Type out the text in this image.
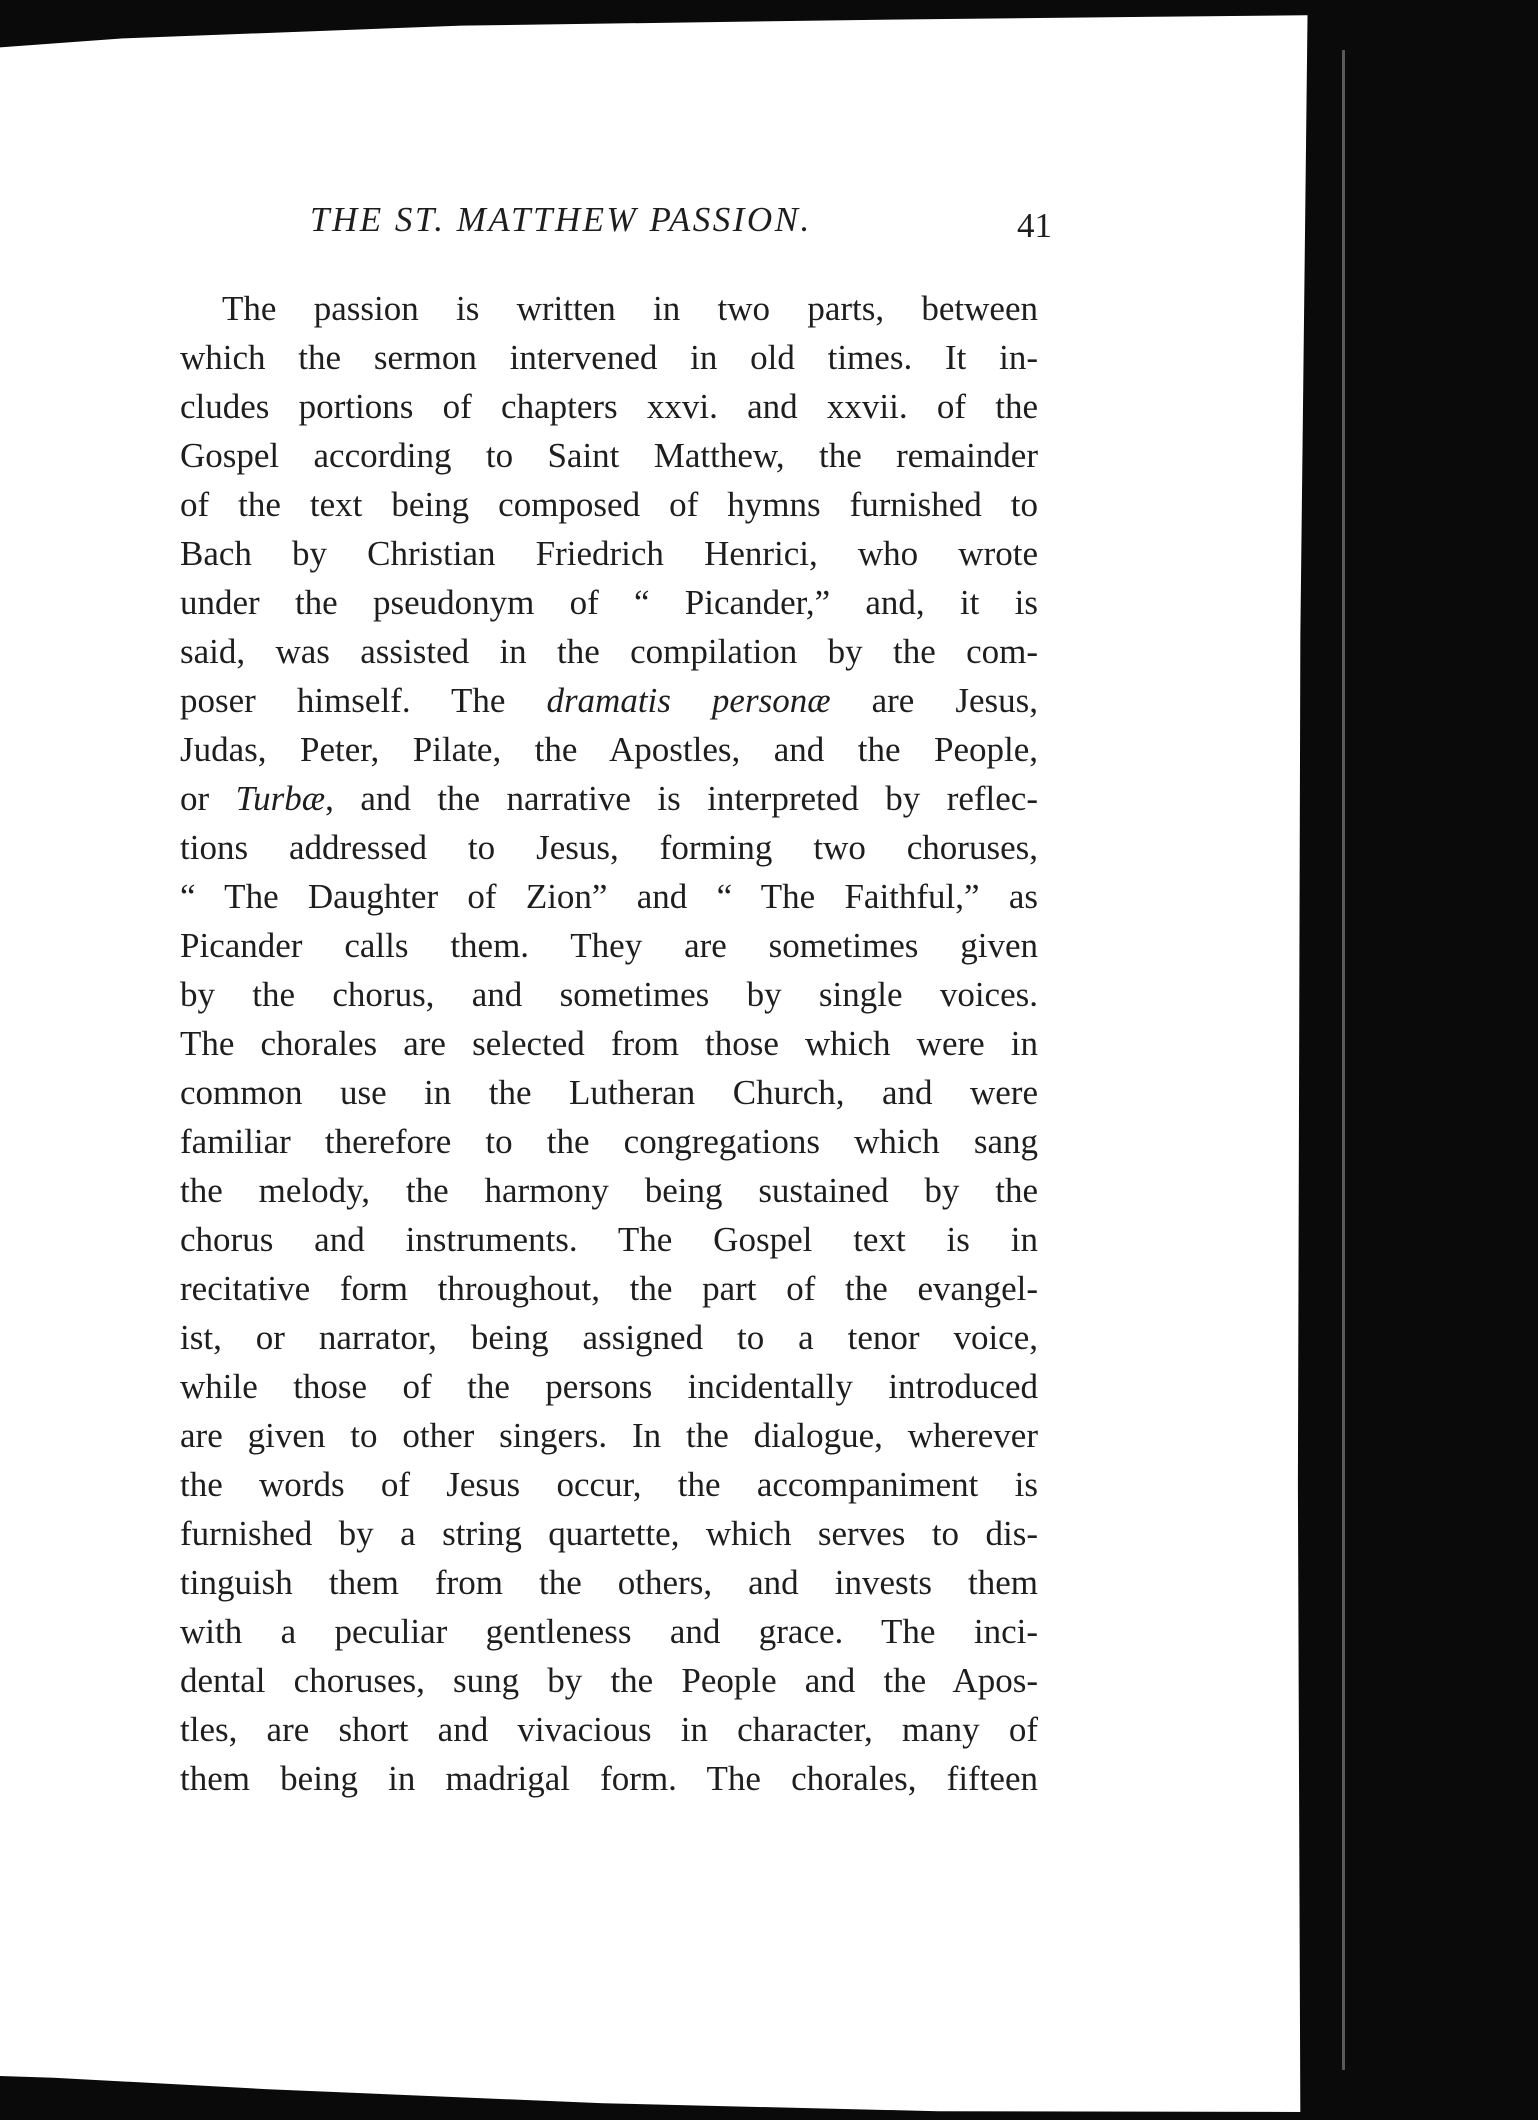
THE ST. MATTHEW PASSION.	41
The passion is written in two parts, between
which the sermon intervened in old times. It in-
cludes portions of chapters xxvi. and xxvii. of the
Gospel according to Saint Matthew, the remainder
of the text being composed of hymns furnished to
Bach by Christian Friedrich Henrici, who wrote
under the pseudonym of “ Picander,” and, it is
said, was assisted in the compilation by the com-
poser himself. The dramatis personæ are Jesus,
Judas, Peter, Pilate, the Apostles, and the People,
or Turbæ, and the narrative is interpreted by reflec-
tions addressed to Jesus, forming two choruses,
“ The Daughter of Zion” and “ The Faithful,” as
Picander calls them. They are sometimes given
by the chorus, and sometimes by single voices.
The chorales are selected from those which were in
common use in the Lutheran Church, and were
familiar therefore to the congregations which sang
the melody, the harmony being sustained by the
chorus and instruments. The Gospel text is in
recitative form throughout, the part of the evangel-
ist, or narrator, being assigned to a tenor voice,
while those of the persons incidentally introduced
are given to other singers. In the dialogue, wherever
the words of Jesus occur, the accompaniment is
furnished by a string quartette, which serves to dis-
tinguish them from the others, and invests them
with a peculiar gentleness and grace. The inci-
dental choruses, sung by the People and the Apos-
tles, are short and vivacious in character, many of
them being in madrigal form. The chorales, fifteen
